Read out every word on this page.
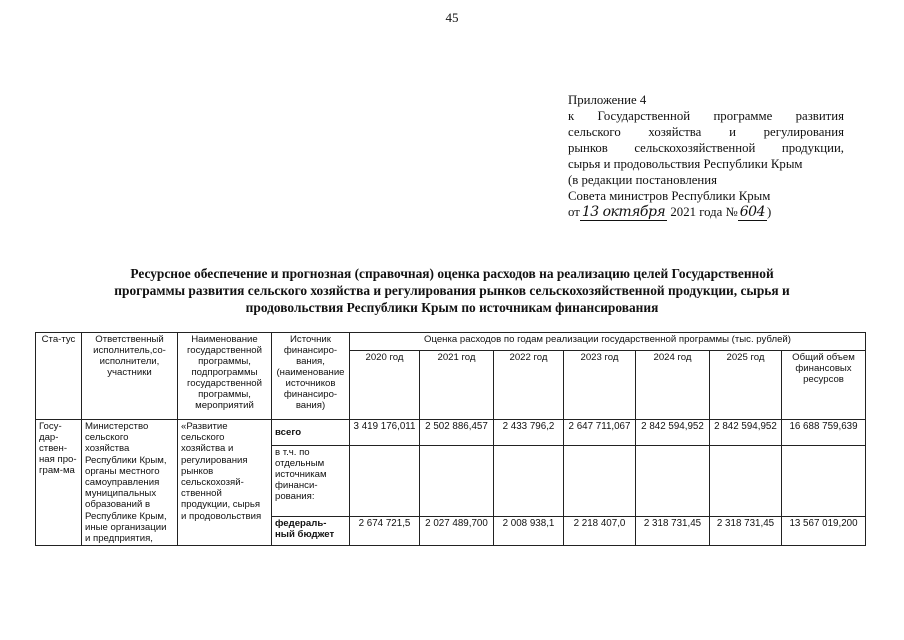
45
Приложение 4
к Государственной программе развития
сельского хозяйства и регулирования
рынков сельскохозяйственной продукции,
сырья и продовольствия Республики Крым
(в редакции постановления
Совета министров Республики Крым
от 13 октября 2021 года № 604 )
Ресурсное обеспечение и прогнозная (справочная) оценка расходов на реализацию целей Государственной
программы развития сельского хозяйства и регулирования рынков сельскохозяйственной продукции, сырья и
продовольствия Республики Крым по источникам финансирования
Ста-тус	Ответственный исполнитель,со-исполнители, участники	Наименование государственной программы, подпрограммы государственной программы, мероприятий	Источник финансиро-вания, (наименование источников финансиро-вания)	Оценка расходов по годам реализации государственной программы (тыс. рублей)						
				2020 год	2021 год	2022 год	2023 год	2024 год	2025 год	Общий объем финансовых ресурсов
Госу-дар-ствен-ная про-грам-ма	Министерство сельского хозяйства Республики Крым, органы местного самоуправления муниципальных образований в Республике Крым, иные организации и предприятия,	«Развитие сельского хозяйства и регулирования рынков сельскохозяй-ственной продукции, сырья и продовольствия	всего	3 419 176,011	2 502 886,457	2 433 796,2	2 647 711,067	2 842 594,952	2 842 594,952	16 688 759,639
			в т.ч. по отдельным источникам финанси-рования:							
			федераль-ный бюджет	2 674 721,5	2 027 489,700	2 008 938,1	2 218 407,0	2 318 731,45	2 318 731,45	13 567 019,200
